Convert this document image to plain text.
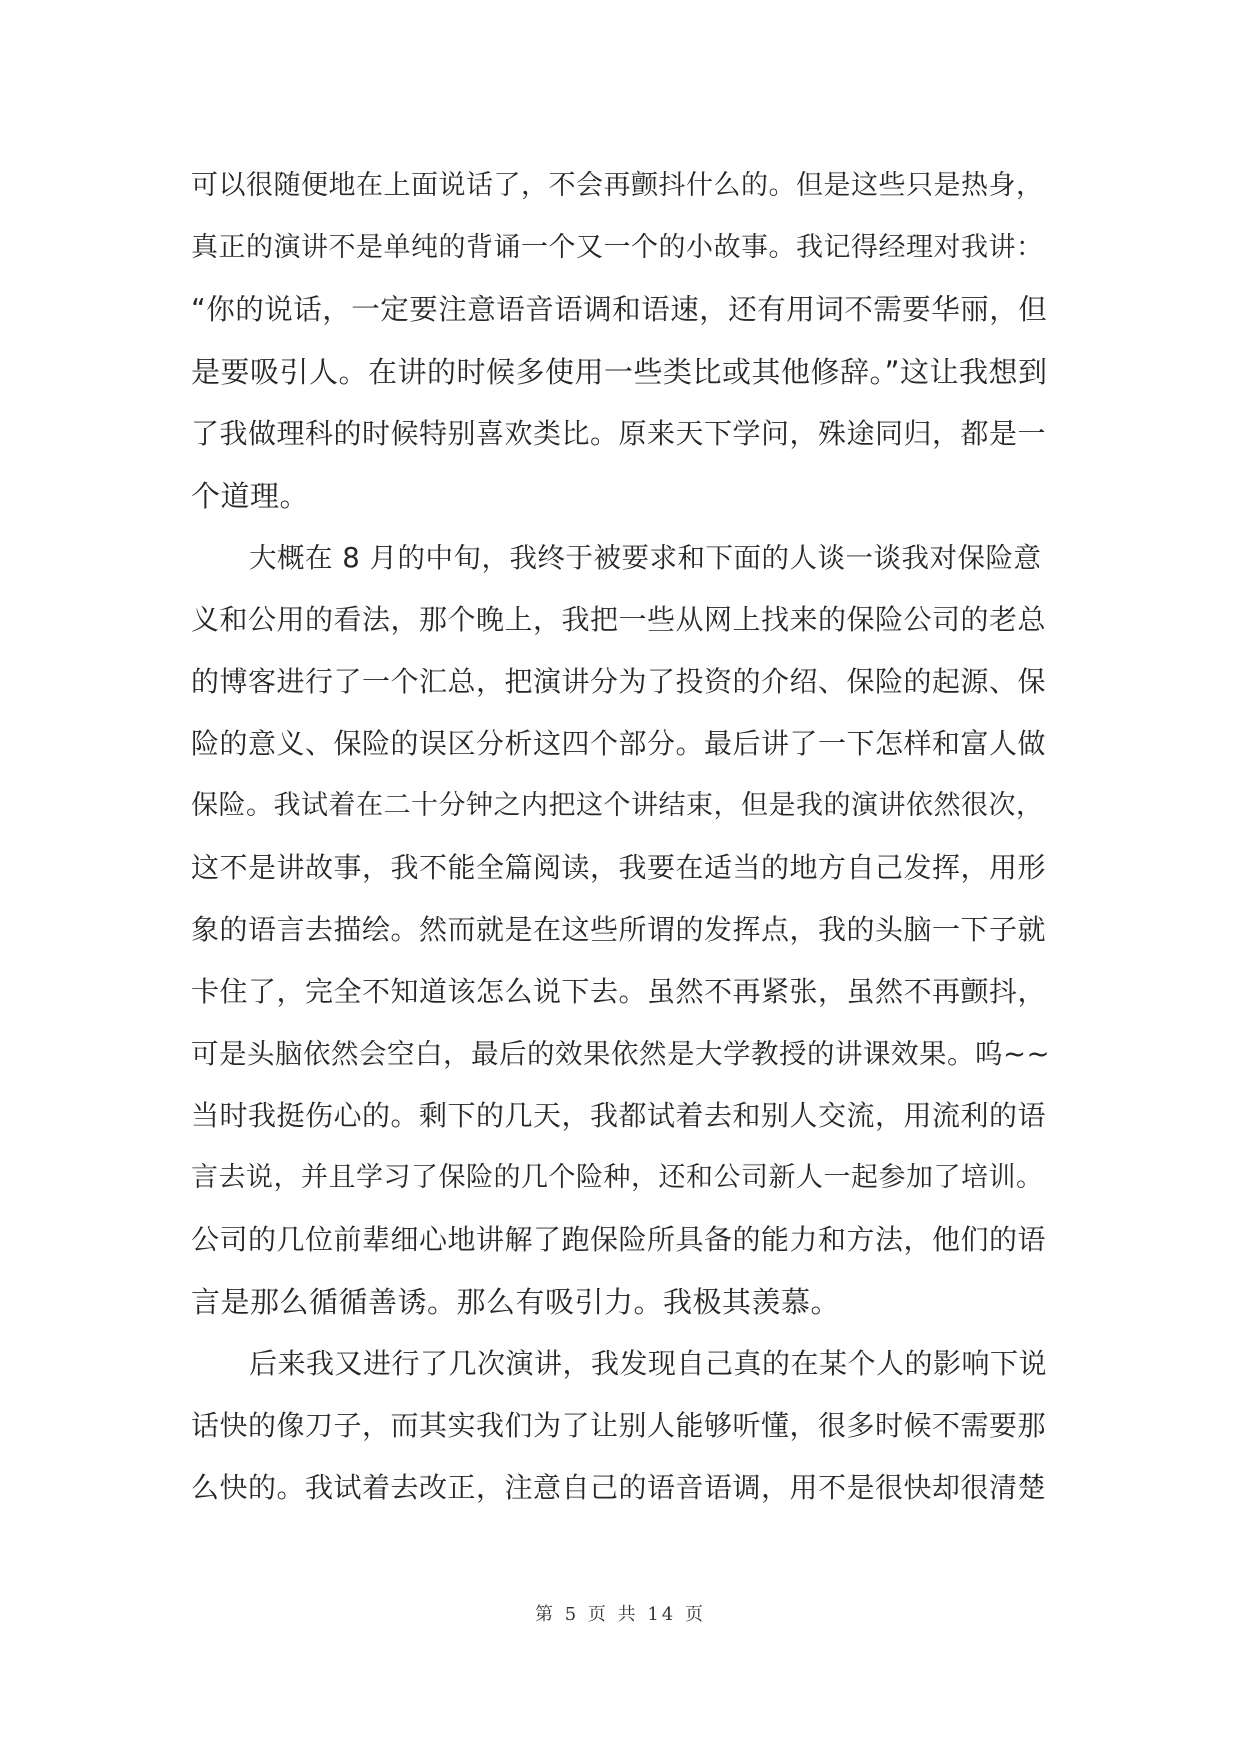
可以很随便地在上面说话了，不会再颤抖什么的。但是这些只是热身，
真正的演讲不是单纯的背诵一个又一个的小故事。我记得经理对我讲：
“你的说话，一定要注意语音语调和语速，还有用词不需要华丽，但
是要吸引人。在讲的时候多使用一些类比或其他修辞。”这让我想到
了我做理科的时候特别喜欢类比。原来天下学问，殊途同归，都是一
个道理。
大概在 8 月的中旬，我终于被要求和下面的人谈一谈我对保险意
义和公用的看法，那个晚上，我把一些从网上找来的保险公司的老总
的博客进行了一个汇总，把演讲分为了投资的介绍、保险的起源、保
险的意义、保险的误区分析这四个部分。最后讲了一下怎样和富人做
保险。我试着在二十分钟之内把这个讲结束，但是我的演讲依然很次，
这不是讲故事，我不能全篇阅读，我要在适当的地方自己发挥，用形
象的语言去描绘。然而就是在这些所谓的发挥点，我的头脑一下子就
卡住了，完全不知道该怎么说下去。虽然不再紧张，虽然不再颤抖，
可是头脑依然会空白，最后的效果依然是大学教授的讲课效果。呜~~
当时我挺伤心的。剩下的几天，我都试着去和别人交流，用流利的语
言去说，并且学习了保险的几个险种，还和公司新人一起参加了培训。
公司的几位前辈细心地讲解了跑保险所具备的能力和方法，他们的语
言是那么循循善诱。那么有吸引力。我极其羡慕。
后来我又进行了几次演讲，我发现自己真的在某个人的影响下说
话快的像刀子，而其实我们为了让别人能够听懂，很多时候不需要那
么快的。我试着去改正，注意自己的语音语调，用不是很快却很清楚
第 5 页 共 14 页
